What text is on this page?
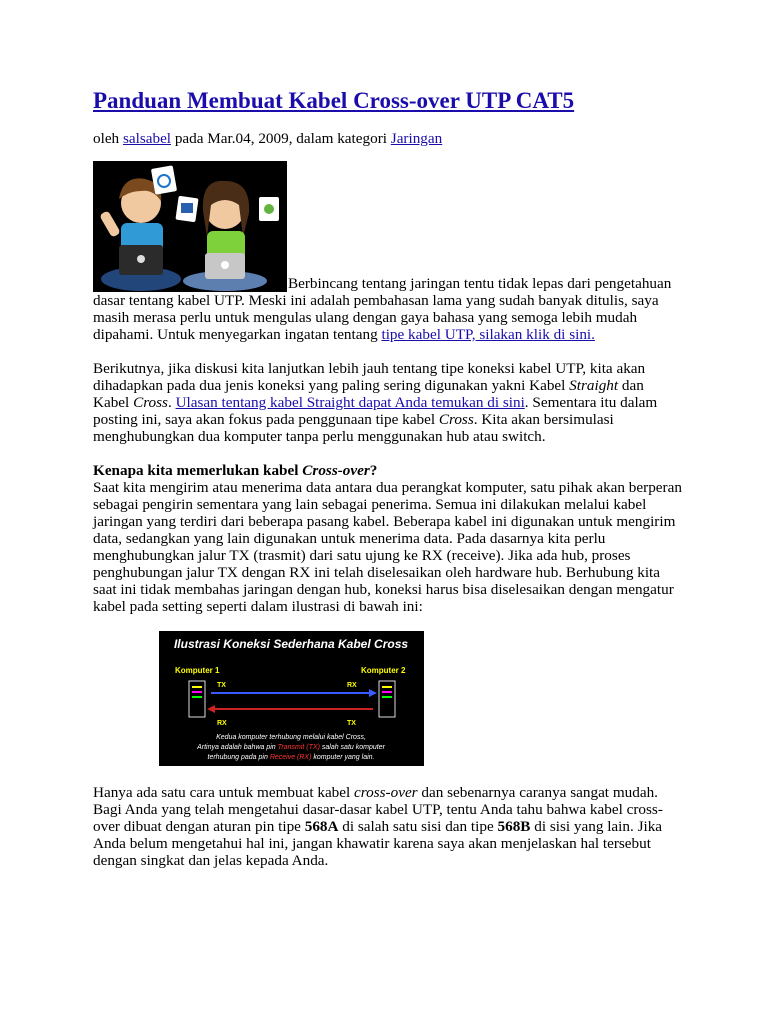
Panduan Membuat Kabel Cross-over UTP CAT5
oleh salsabel pada Mar.04, 2009, dalam kategori Jaringan
Berbincang tentang jaringan tentu tidak lepas dari pengetahuan dasar tentang kabel UTP. Meski ini adalah pembahasan lama yang sudah banyak ditulis, saya masih merasa perlu untuk mengulas ulang dengan gaya bahasa yang semoga lebih mudah dipahami. Untuk menyegarkan ingatan tentang tipe kabel UTP, silakan klik di sini.

Berikutnya, jika diskusi kita lanjutkan lebih jauh tentang tipe koneksi kabel UTP, kita akan dihadapkan pada dua jenis koneksi yang paling sering digunakan yakni Kabel Straight dan Kabel Cross. Ulasan tentang kabel Straight dapat Anda temukan di sini. Sementara itu dalam posting ini, saya akan fokus pada penggunaan tipe kabel Cross. Kita akan bersimulasi menghubungkan dua komputer tanpa perlu menggunakan hub atau switch.

Kenapa kita memerlukan kabel Cross-over?

Saat kita mengirim atau menerima data antara dua perangkat komputer, satu pihak akan berperan sebagai pengirin sementara yang lain sebagai penerima. Semua ini dilakukan melalui kabel jaringan yang terdiri dari beberapa pasang kabel. Beberapa kabel ini digunakan untuk mengirim data, sedangkan yang lain digunakan untuk menerima data. Pada dasarnya kita perlu menghubungkan jalur TX (trasmit) dari satu ujung ke RX (receive). Jika ada hub, proses penghubungan jalur TX dengan RX ini telah diselesaikan oleh hardware hub. Berhubung kita saat ini tidak membahas jaringan dengan hub, koneksi harus bisa diselesaikan dengan mengatur kabel pada setting seperti dalam ilustrasi di bawah ini:

Ilustrasi Koneksi Sederhana Kabel Cross
Komputer 1	Komputer 2
TX	RX
RX	TX
Kedua komputer terhubung melalui kabel Cross,
Artinya adalah bahwa pin Transmit (TX) salah satu komputer
terhubung pada pin Receive (RX) komputer yang lain.

Hanya ada satu cara untuk membuat kabel cross-over dan sebenarnya caranya sangat mudah. Bagi Anda yang telah mengetahui dasar-dasar kabel UTP, tentu Anda tahu bahwa kabel cross-over dibuat dengan aturan pin tipe 568A di salah satu sisi dan tipe 568B di sisi yang lain. Jika Anda belum mengetahui hal ini, jangan khawatir karena saya akan menjelaskan hal tersebut dengan singkat dan jelas kepada Anda.
